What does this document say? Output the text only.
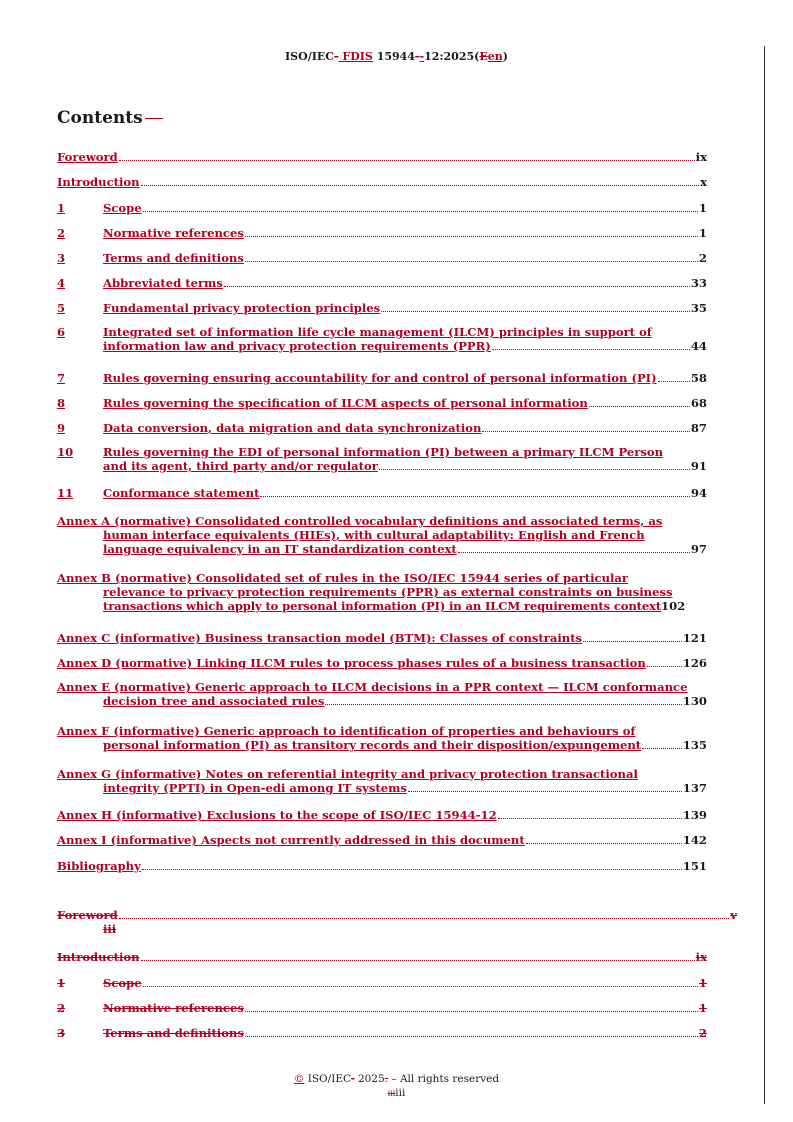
ISO/IEC- FDIS 15944--12:2025(Een)
Contents
Foreword	ix
Introduction	x
1	Scope	1
2	Normative references	1
3	Terms and definitions	2
4	Abbreviated terms	33
5	Fundamental privacy protection principles	35
6	Integrated set of information life cycle management (ILCM) principles in support of
information law and privacy protection requirements (PPR)	44
7	Rules governing ensuring accountability for and control of personal information (PI)	58
8	Rules governing the specification of ILCM aspects of personal information	68
9	Data conversion, data migration and data synchronization	87
10	Rules governing the EDI of personal information (PI) between a primary ILCM Person
and its agent, third party and/or regulator	91
11	Conformance statement	94
Annex A (normative) Consolidated controlled vocabulary definitions and associated terms, as
human interface equivalents (HIEs), with cultural adaptability: English and French
language equivalency in an IT standardization context	97
Annex B (normative) Consolidated set of rules in the ISO/IEC 15944 series of particular
relevance to privacy protection requirements (PPR) as external constraints on business
transactions which apply to personal information (PI) in an ILCM requirements context 102
Annex C (informative) Business transaction model (BTM): Classes of constraints	121
Annex D (normative) Linking ILCM rules to process phases rules of a business transaction	126
Annex E (normative) Generic approach to ILCM decisions in a PPR context — ILCM conformance
decision tree and associated rules	130
Annex F (informative) Generic approach to identification of properties and behaviours of
personal information (PI) as transitory records and their disposition/expungement	135
Annex G (informative) Notes on referential integrity and privacy protection transactional
integrity (PPTI) in Open-edi among IT systems	137
Annex H (informative) Exclusions to the scope of ISO/IEC 15944-12	139
Annex I (informative) Aspects not currently addressed in this document	142
Bibliography	151
Foreword	v
iii
Introduction	ix
1	Scope	1
2	Normative references	1
3	Terms and definitions	2
© ISO/IEC- 2025. – All rights reserved
iiiiii
